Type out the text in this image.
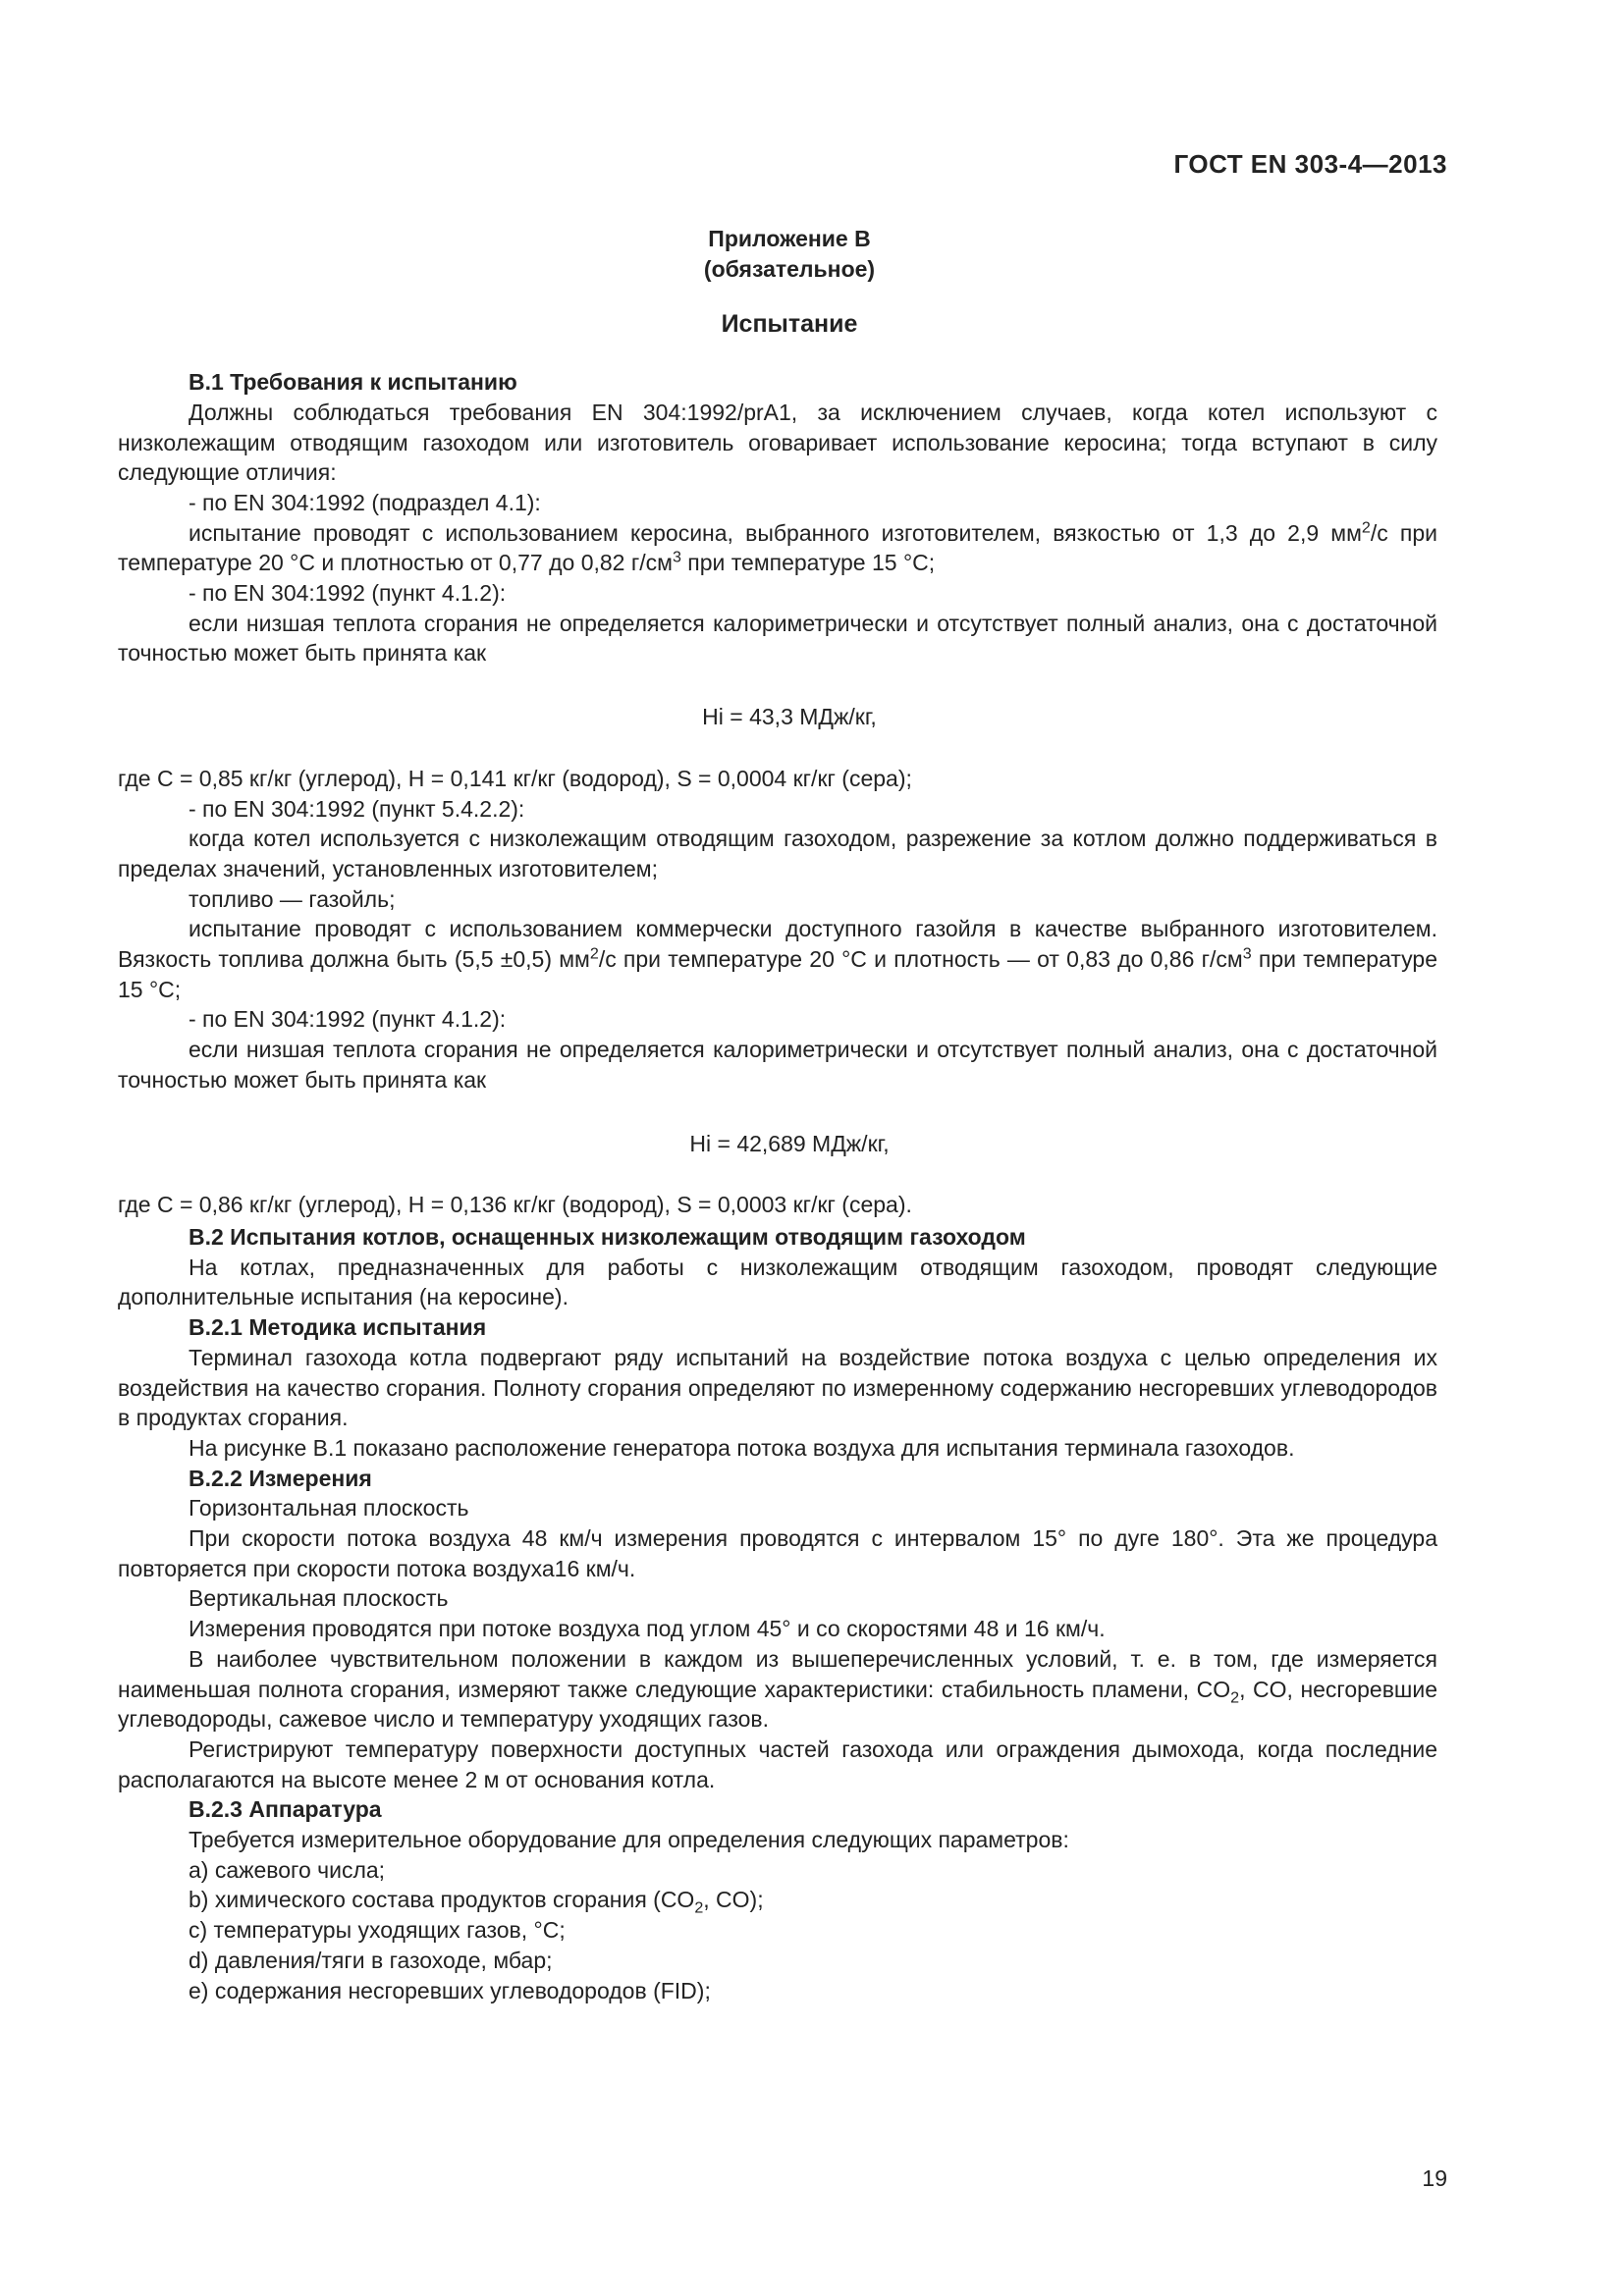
ГОСТ EN 303-4—2013

Приложение B

(обязательное)

Испытание

B.1 Требования к испытанию

Должны соблюдаться требования EN 304:1992/prA1, за исключением случаев, когда котел используют с низколежащим отводящим газоходом или изготовитель оговаривает использование керосина; тогда вступают в силу следующие отличия:

- по EN 304:1992 (подраздел 4.1):

испытание проводят с использованием керосина, выбранного изготовителем, вязкостью от 1,3 до 2,9 $мм^2/с$ при температуре 20 °C и плотностью от 0,77 до 0,82 $г/см^3$ при температуре 15 °C;

- по EN 304:1992 (пункт 4.1.2):

если низшая теплота сгорания не определяется калориметрически и отсутствует полный анализ, она с достаточной точностью может быть принята как

Hi = 43,3 МДж/кг,

где C = 0,85 кг/кг (углерод), H = 0,141 кг/кг (водород), S = 0,0004 кг/кг (сера);

- по EN 304:1992 (пункт 5.4.2.2):

когда котел используется с низколежащим отводящим газоходом, разрежение за котлом должно поддерживаться в пределах значений, установленных изготовителем;

топливо — газойль;

испытание проводят с использованием коммерчески доступного газойля в качестве выбранного изготовителем. Вязкость топлива должна быть (5,5 ±0,5) $мм^2/с$ при температуре 20 °C и плотность — от 0,83 до 0,86 $г/см^3$ при температуре 15 °C;

- по EN 304:1992 (пункт 4.1.2):

если низшая теплота сгорания не определяется калориметрически и отсутствует полный анализ, она с достаточной точностью может быть принята как

Hi = 42,689 МДж/кг,

где C = 0,86 кг/кг (углерод), H = 0,136 кг/кг (водород), S = 0,0003 кг/кг (сера).

B.2 Испытания котлов, оснащенных низколежащим отводящим газоходом

На котлах, предназначенных для работы с низколежащим отводящим газоходом, проводят следующие дополнительные испытания (на керосине).

B.2.1 Методика испытания

Терминал газохода котла подвергают ряду испытаний на воздействие потока воздуха с целью определения их воздействия на качество сгорания. Полноту сгорания определяют по измеренному содержанию несгоревших углеводородов в продуктах сгорания.

На рисунке B.1 показано расположение генератора потока воздуха для испытания терминала газоходов.

B.2.2 Измерения

Горизонтальная плоскость

При скорости потока воздуха 48 км/ч измерения проводятся с интервалом 15° по дуге 180°. Эта же процедура повторяется при скорости потока воздуха16 км/ч.

Вертикальная плоскость

Измерения проводятся при потоке воздуха под углом 45° и со скоростями 48 и 16 км/ч.

В наиболее чувствительном положении в каждом из вышеперечисленных условий, т. е. в том, где измеряется наименьшая полнота сгорания, измеряют также следующие характеристики: стабильность пламени, $CO_2$, CO, несгоревшие углеводороды, сажевое число и температуру уходящих газов.

Регистрируют температуру поверхности доступных частей газохода или ограждения дымохода, когда последние располагаются на высоте менее 2 м от основания котла.

B.2.3 Аппаратура

Требуется измерительное оборудование для определения следующих параметров:

a) сажевого числа;

b) химического состава продуктов сгорания ($CO_2$, CO);

c) температуры уходящих газов, °C;

d) давления/тяги в газоходе, мбар;

e) содержания несгоревших углеводородов (FID);

19
